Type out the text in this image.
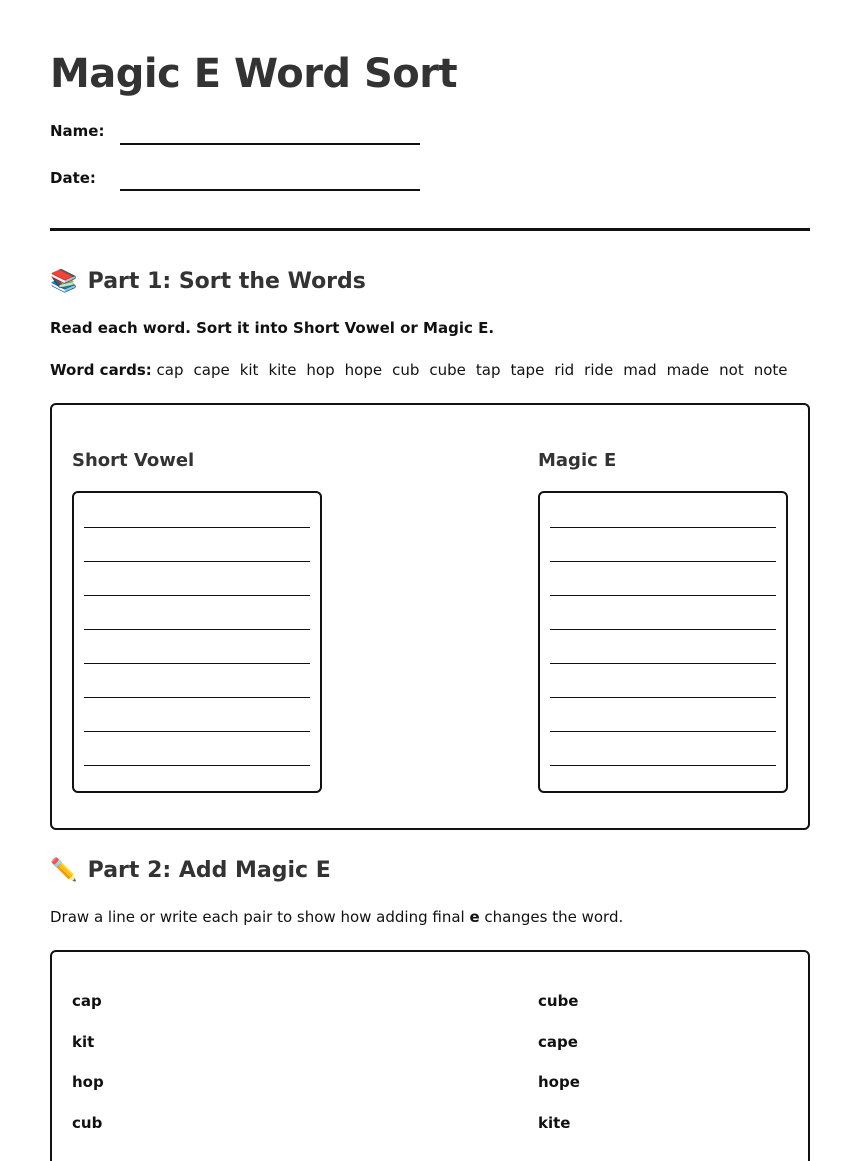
Magic E Word Sort
Name:
Date:
📚 Part 1: Sort the Words
Read each word. Sort it into Short Vowel or Magic E.
Word cards: cap cape kit kite hop hope cub cube tap tape rid ride mad made not note
Short Vowel	Magic E
✏️ Part 2: Add Magic E
Draw a line or write each pair to show how adding final e changes the word.
cap
kit
hop
cub
cube
cape
hope
kite
